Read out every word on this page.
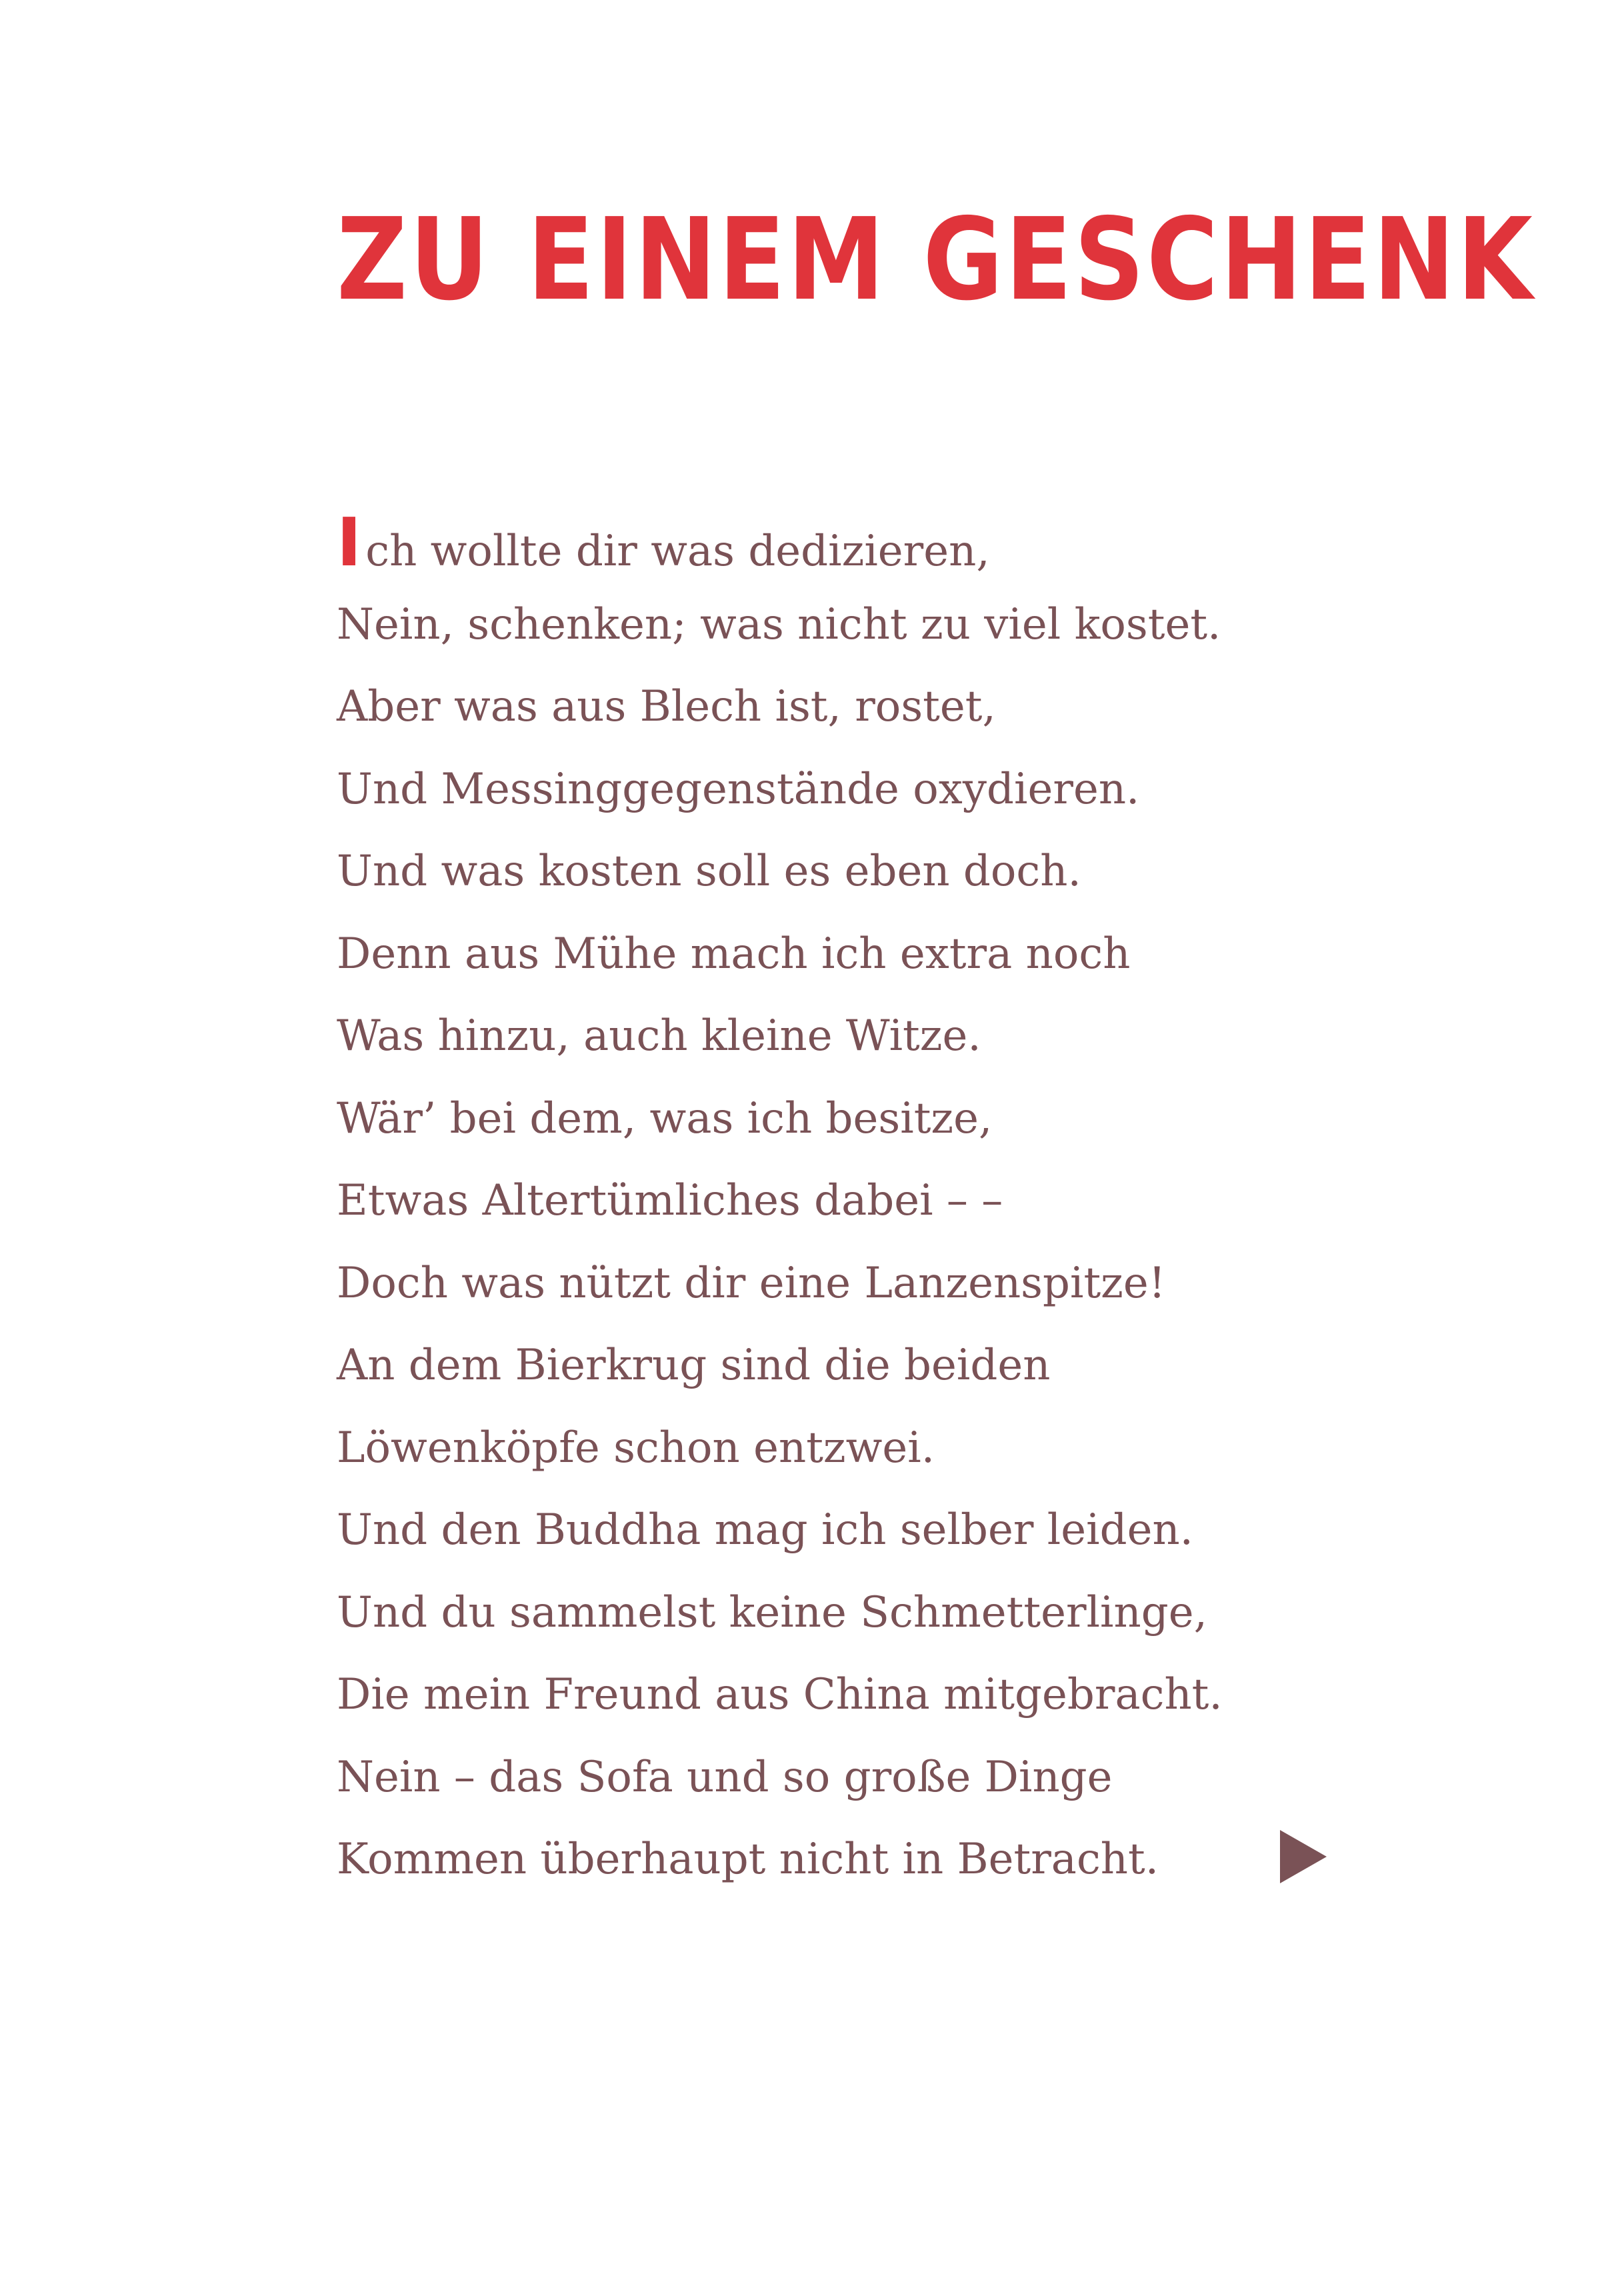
ZU EINEM GESCHENK
Ich wollte dir was dedizieren,
Nein, schenken; was nicht zu viel kostet.
Aber was aus Blech ist, rostet,
Und Messinggegenstände oxydieren.
Und was kosten soll es eben doch.
Denn aus Mühe mach ich extra noch
Was hinzu, auch kleine Witze.
Wär’ bei dem, was ich besitze,
Etwas Altertümliches dabei – –
Doch was nützt dir eine Lanzenspitze!
An dem Bierkrug sind die beiden
Löwenköpfe schon entzwei.
Und den Buddha mag ich selber leiden.
Und du sammelst keine Schmetterlinge,
Die mein Freund aus China mitgebracht.
Nein – das Sofa und so große Dinge
Kommen überhaupt nicht in Betracht.
